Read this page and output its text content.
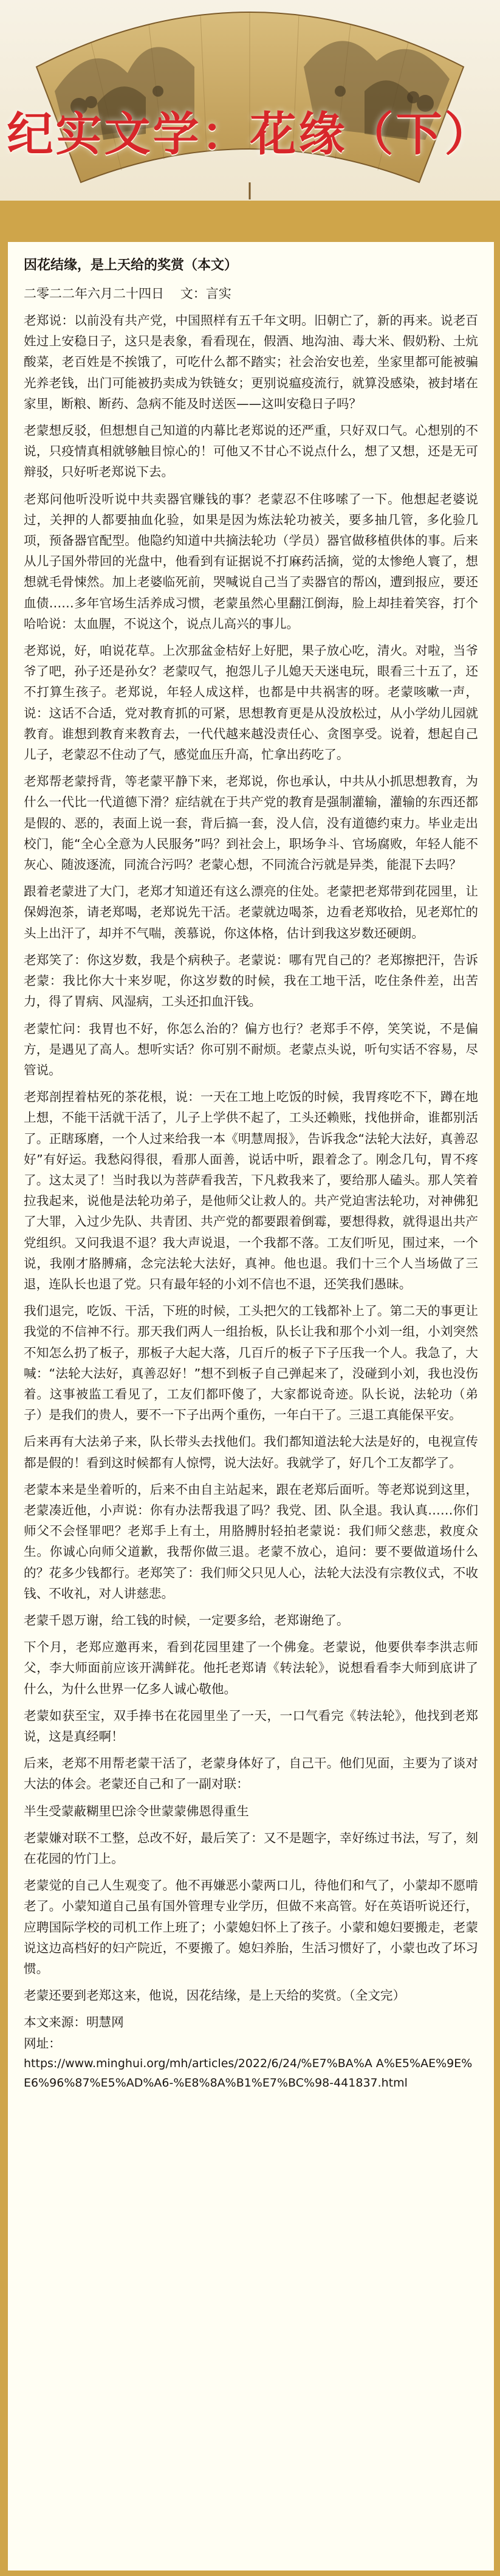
纪实文学：花缘（下）
因花结缘，是上天给的奖赏（本文）
二零二二年六月二十四日 文：言实

老郑说：以前没有共产党，中国照样有五千年文明。旧朝亡了，新的再来。说老百姓过上安稳日子，这只是表象，看看现在，假酒、地沟油、毒大米、假奶粉、土炕酸菜，老百姓是不挨饿了，可吃什么都不踏实；社会治安也差，坐家里都可能被骗光养老钱，出门可能被扔卖成为铁链女；更别说瘟疫流行，就算没感染，被封堵在家里，断粮、断药、急病不能及时送医——这叫安稳日子吗？

老蒙想反驳，但想想自己知道的内幕比老郑说的还严重，只好双口气。心想别的不说，只疫情真相就够触目惊心的！可他又不甘心不说点什么，想了又想，还是无可辩驳，只好听老郑说下去。

老郑问他听没听说中共卖器官赚钱的事？老蒙忍不住哆嗦了一下。他想起老婆说过，关押的人都要抽血化验，如果是因为炼法轮功被关，要多抽几管，多化验几项，预备器官配型。他隐约知道中共摘法轮功（学员）器官做移植供体的事。后来从儿子国外带回的光盘中，他看到有证据说不打麻药活摘，觉的太惨绝人寰了，想想就毛骨悚然。加上老婆临死前，哭喊说自己当了卖器官的帮凶，遭到报应，要还血债……多年官场生活养成习惯，老蒙虽然心里翻江倒海，脸上却挂着笑容，打个哈哈说：太血腥，不说这个，说点儿高兴的事儿。

老郑说，好，咱说花草。上次那盆金桔好上好肥，果子放心吃，清火。对啦，当爷爷了吧，孙子还是孙女？老蒙叹气，抱怨儿子儿媳天天迷电玩，眼看三十五了，还不打算生孩子。老郑说，年轻人成这样，也都是中共祸害的呀。老蒙咳嗽一声，说：这话不合适，党对教育抓的可紧，思想教育更是从没放松过，从小学幼儿园就教育。谁想到教育来教育去，一代代越来越没责任心、贪图享受。说着，想起自己儿子，老蒙忍不住动了气，感觉血压升高，忙拿出药吃了。

老郑帮老蒙捋背，等老蒙平静下来，老郑说，你也承认，中共从小抓思想教育，为什么一代比一代道德下滑？症结就在于共产党的教育是强制灌输，灌输的东西还都是假的、恶的，表面上说一套，背后搞一套，没人信，没有道德约束力。毕业走出校门，能“全心全意为人民服务”吗？到社会上，职场争斗、官场腐败，年轻人能不灰心、随波逐流，同流合污吗？老蒙心想，不同流合污就是异类，能混下去吗？

跟着老蒙进了大门，老郑才知道还有这么漂亮的住处。老蒙把老郑带到花园里，让保姆泡茶，请老郑喝，老郑说先干活。老蒙就边喝茶，边看老郑收拾，见老郑忙的头上出汗了，却并不气喘，羡慕说，你这体格，估计到我这岁数还硬朗。

老郑笑了：你这岁数，我是个病秧子。老蒙说：哪有咒自己的？老郑擦把汗，告诉老蒙：我比你大十来岁呢，你这岁数的时候，我在工地干活，吃住条件差，出苦力，得了胃病、风湿病，工头还扣血汗钱。

老蒙忙问：我胃也不好，你怎么治的？偏方也行？老郑手不停，笑笑说，不是偏方，是遇见了高人。想听实话？你可别不耐烦。老蒙点头说，听句实话不容易，尽管说。

老郑剖捏着枯死的茶花根，说：一天在工地上吃饭的时候，我胃疼吃不下，蹲在地上想，不能干活就干活了，儿子上学供不起了，工头还赖账，找他拼命，谁都别活了。正瞎琢磨，一个人过来给我一本《明慧周报》，告诉我念“法轮大法好，真善忍好”有好运。我愁闷得很，看那人面善，说话中听，跟着念了。刚念几句，胃不疼了。这太灵了！当时我以为菩萨看我苦，下凡救我来了，要给那人磕头。那人笑着拉我起来，说他是法轮功弟子，是他师父让救人的。共产党迫害法轮功，对神佛犯了大罪，入过少先队、共青团、共产党的都要跟着倒霉，要想得救，就得退出共产党组织。又问我退不退？我大声说退，一个我都不落。工友们听见，围过来，一个说，我刚才胳膊痛，念完法轮大法好，真神。他也退。我们十三个人当场做了三退，连队长也退了党。只有最年轻的小刘不信也不退，还笑我们愚昧。

我们退完，吃饭、干活，下班的时候，工头把欠的工钱都补上了。第二天的事更让我觉的不信神不行。那天我们两人一组抬板，队长让我和那个小刘一组，小刘突然不知怎么扔了板子，那板子大起大落，几百斤的板子下子压我一个人。我急了，大喊：“法轮大法好，真善忍好！”想不到板子自己弹起来了，没碰到小刘，我也没伤着。这事被监工看见了，工友们都吓傻了，大家都说奇迹。队长说，法轮功（弟子）是我们的贵人，要不一下子出两个重伤，一年白干了。三退工真能保平安。

后来再有大法弟子来，队长带头去找他们。我们都知道法轮大法是好的，电视宣传都是假的！看到这时候都有人惊愕，说大法好。我就学了，好几个工友都学了。

老蒙本来是坐着听的，后来不由自主站起来，跟在老郑后面听。等老郑说到这里，老蒙凑近他，小声说：你有办法帮我退了吗？我党、团、队全退。我认真……你们师父不会怪罪吧？老郑手上有土，用胳膊肘轻拍老蒙说：我们师父慈悲，救度众生。你诚心向师父道歉，我帮你做三退。老蒙不放心，追问：要不要做道场什么的？花多少钱都行。老郑笑了：我们师父只见人心，法轮大法没有宗教仪式，不收钱、不收礼，对人讲慈悲。

老蒙千恩万谢，给工钱的时候，一定要多给，老郑谢绝了。

下个月，老郑应邀再来，看到花园里建了一个佛龛。老蒙说，他要供奉李洪志师父，李大师面前应该开满鲜花。他托老郑请《转法轮》，说想看看李大师到底讲了什么，为什么世界一亿多人诚心敬他。

老蒙如获至宝，双手捧书在花园里坐了一天，一口气看完《转法轮》，他找到老郑说，这是真经啊！

后来，老郑不用帮老蒙干活了，老蒙身体好了，自己干。他们见面，主要为了谈对大法的体会。老蒙还自己和了一副对联：

半生受蒙蔽糊里巴涂令世蒙蒙佛恩得重生

老蒙嫌对联不工整，总改不好，最后笑了：又不是题字，幸好练过书法，写了，刻在花园的竹门上。

老蒙觉的自己人生观变了。他不再嫌恶小蒙两口儿，待他们和气了，小蒙却不愿啃老了。小蒙知道自己虽有国外管理专业学历，但做不来高管。好在英语听说还行，应聘国际学校的司机工作上班了；小蒙媳妇怀上了孩子。小蒙和媳妇要搬走，老蒙说这边高档好的妇产院近，不要搬了。媳妇养胎，生活习惯好了，小蒙也改了坏习惯。

老蒙还要到老郑这来，他说，因花结缘，是上天给的奖赏。（全文完）

本文来源：明慧网

网址：

https://www.minghui.org/mh/articles/2022/6/24/%E7%BA%A A%E5%AE%9E%E6%96%87%E5%AD%A6-%E8%8A%B1%E7%BC%98-441837.html
